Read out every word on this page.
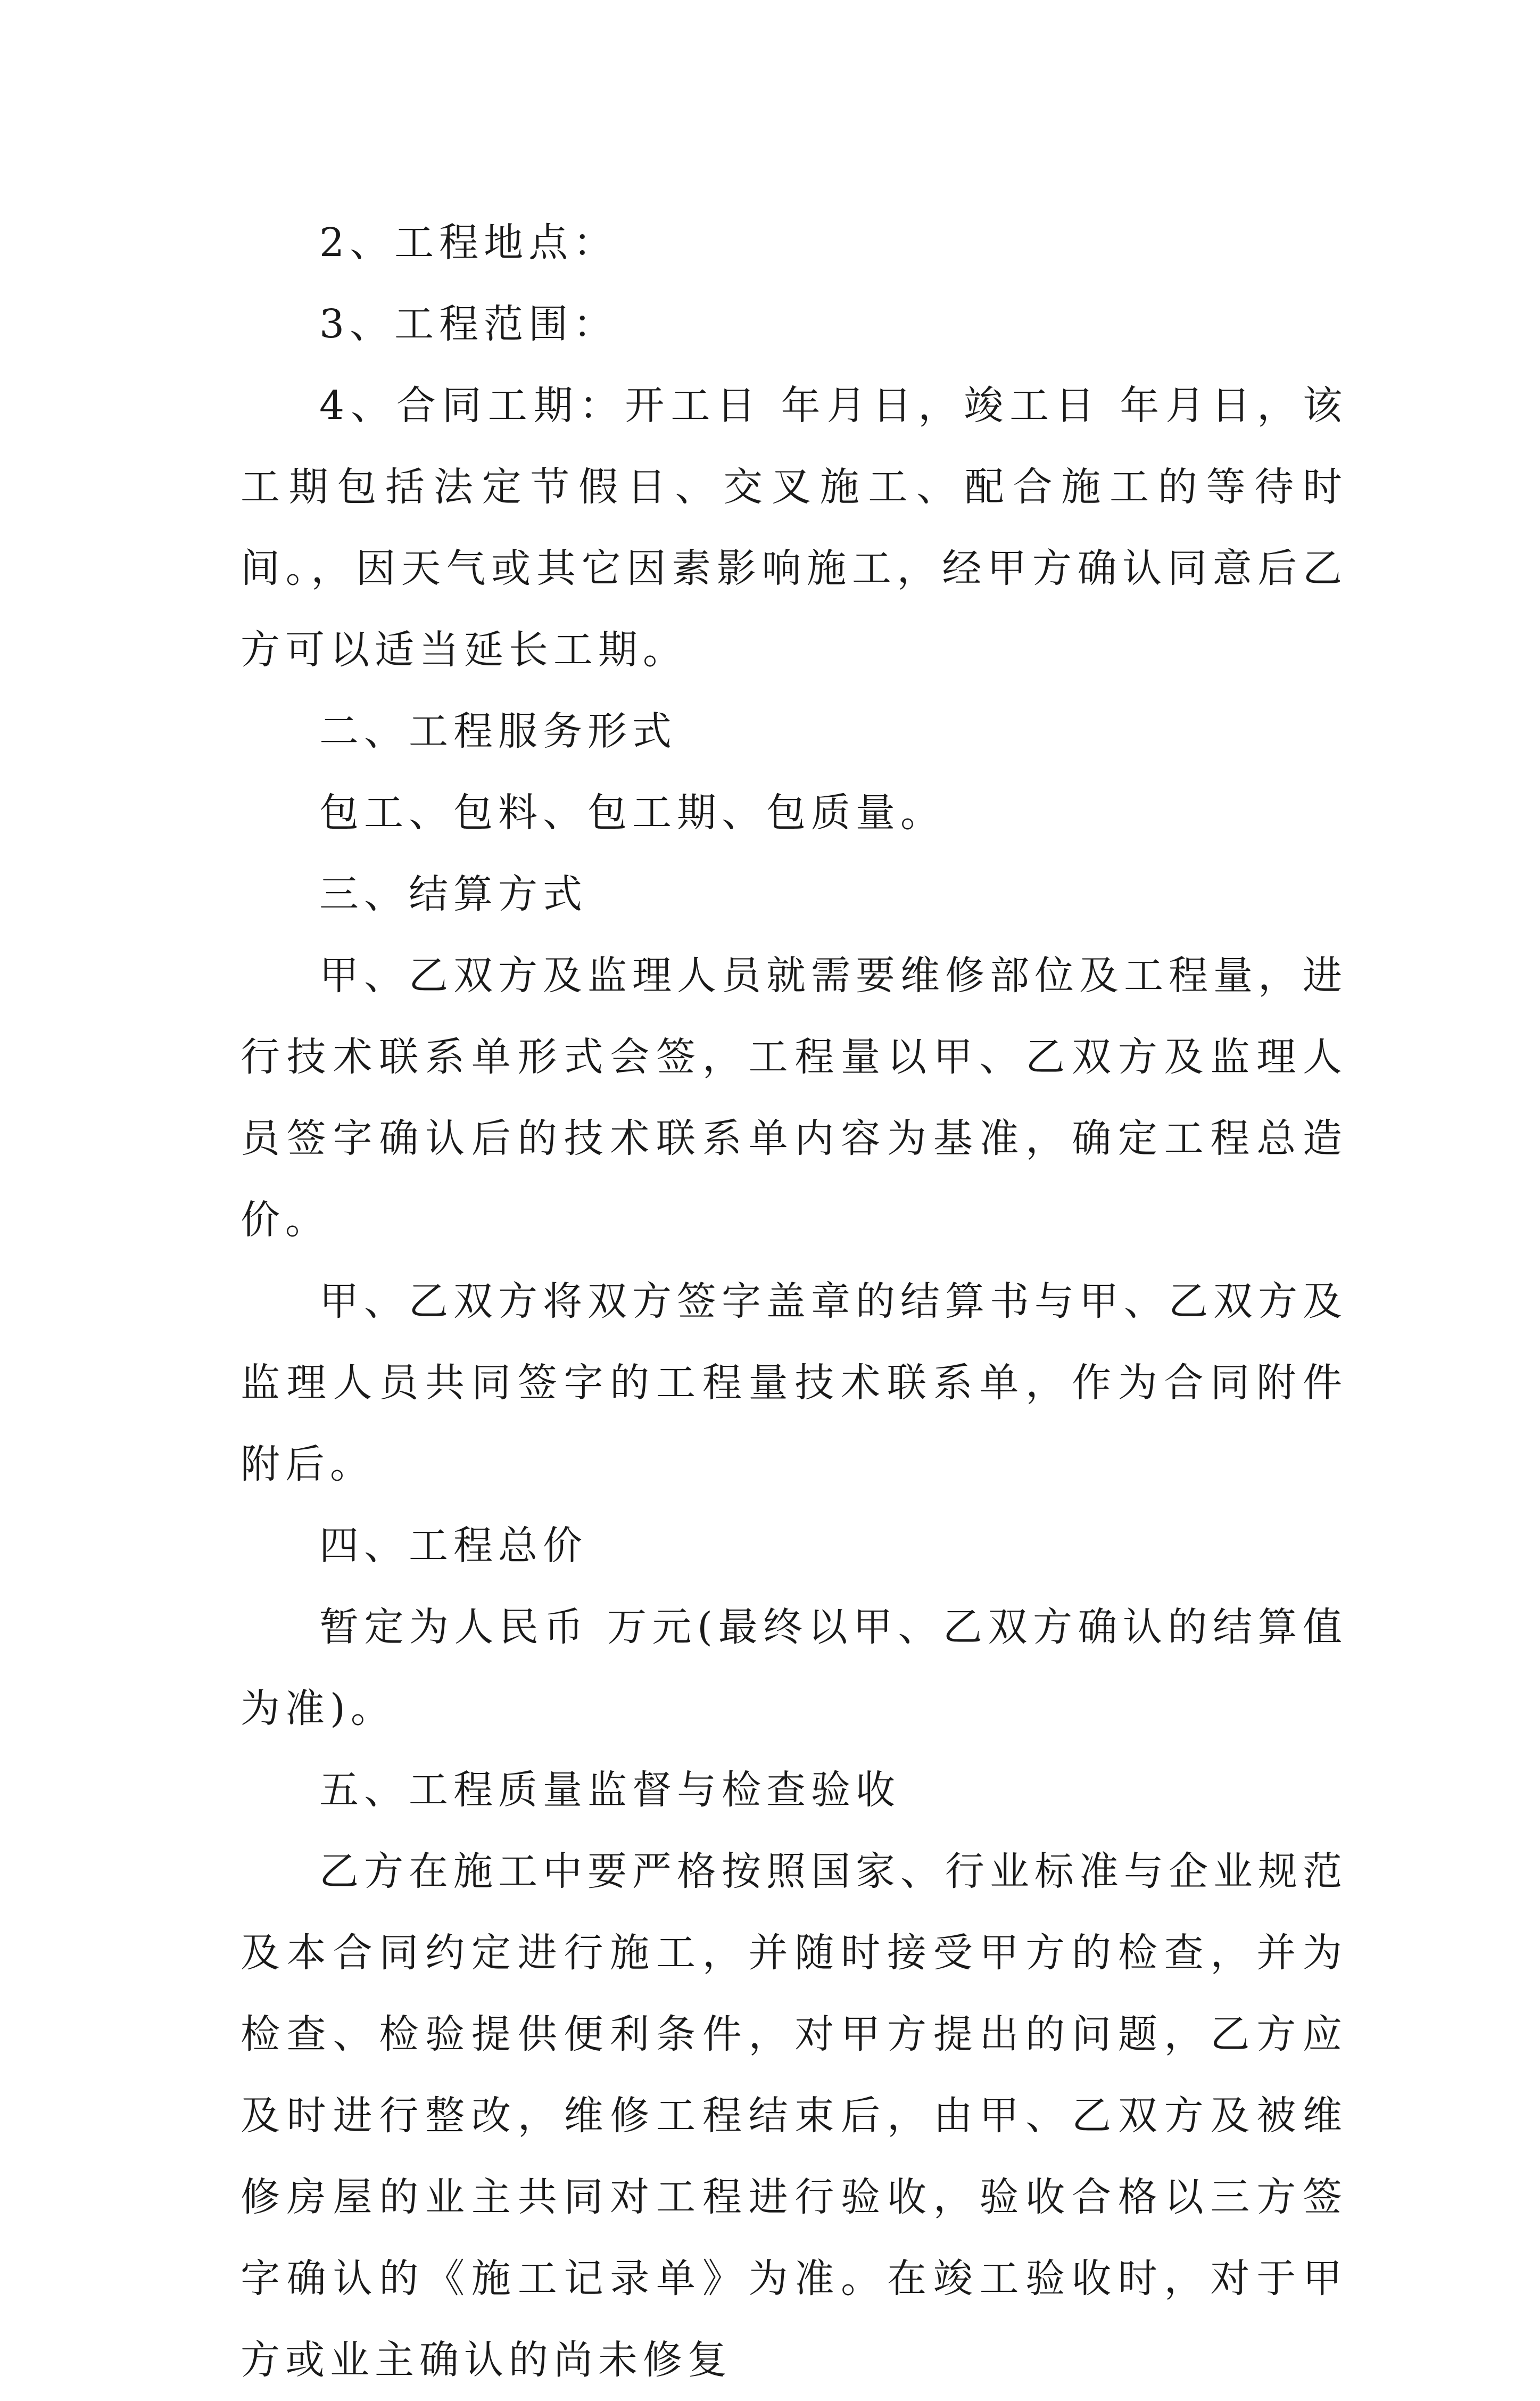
2、工程地点：

3、工程范围：

4、合同工期：开工日 年月日，竣工日 年月日，该工期包括法定节假日、交叉施工、配合施工的等待时间。，因天气或其它因素影响施工，经甲方确认同意后乙方可以适当延长工期。

二、工程服务形式

包工、包料、包工期、包质量。

三、结算方式

甲、乙双方及监理人员就需要维修部位及工程量，进行技术联系单形式会签，工程量以甲、乙双方及监理人员签字确认后的技术联系单内容为基准，确定工程总造价。

甲、乙双方将双方签字盖章的结算书与甲、乙双方及监理人员共同签字的工程量技术联系单，作为合同附件附后。

四、工程总价

暂定为人民币 万元(最终以甲、乙双方确认的结算值为准)。

五、工程质量监督与检查验收

乙方在施工中要严格按照国家、行业标准与企业规范及本合同约定进行施工，并随时接受甲方的检查，并为检查、检验提供便利条件，对甲方提出的问题，乙方应及时进行整改，维修工程结束后，由甲、乙双方及被维修房屋的业主共同对工程进行验收，验收合格以三方签字确认的《施工记录单》为准。在竣工验收时，对于甲方或业主确认的尚未修复
